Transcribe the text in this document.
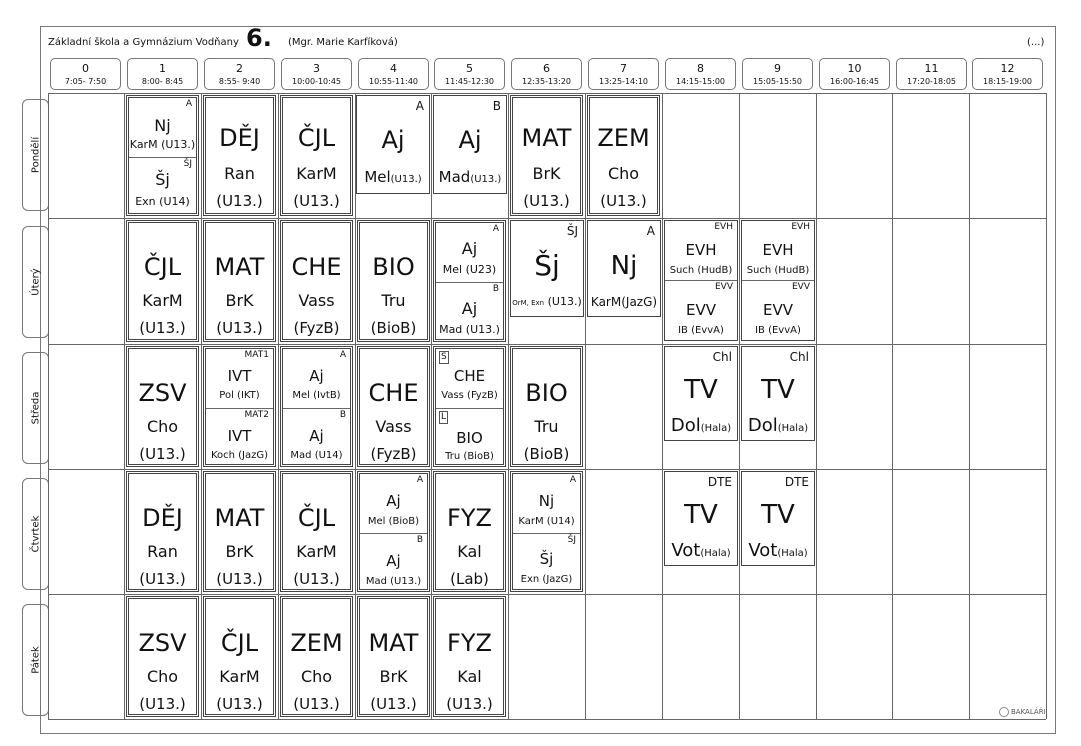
Základní škola a Gymnázium Vodňany 6. (Mgr. Marie Karfíková)	(...)
0
7:05- 7:50
1
8:00- 8:45
2
8:55- 9:40
3
10:00-10:45
4
10:55-11:40
5
11:45-12:30
6
12:35-13:20
7
13:25-14:10
8
14:15-15:00
9
15:05-15:50
10
16:00-16:45
11
17:20-18:05
12
18:15-19:00
Pondělí
Úterý
Středa
Čtvrtek
Pátek
A
Nj
KarM (U13.)
ŠJ
Šj
Exn (U14)
DĚJ
Ran
(U13.)
ČJL
KarM
(U13.)
A
Aj
Mel(U13.)
B
Aj
Mad(U13.)
MAT
BrK
(U13.)
ZEM
Cho
(U13.)
ČJL
KarM
(U13.)
MAT
BrK
(U13.)
CHE
Vass
(FyzB)
BIO
Tru
(BioB)
A
Aj
Mel (U23)
B
Aj
Mad (U13.)
ŠJ
Šj
OrM, Exn (U13.)
A
Nj
KarM(JazG)
EVH
EVH
Such (HudB)
EVV
EVV
IB (EvvA)
EVH
EVH
Such (HudB)
EVV
EVV
IB (EvvA)
ZSV
Cho
(U13.)
MAT1
IVT
Pol (IKT)
MAT2
IVT
Koch (JazG)
A
Aj
Mel (IvtB)
B
Aj
Mad (U14)
CHE
Vass
(FyzB)
S
CHE
Vass (FyzB)
L
BIO
Tru (BioB)
BIO
Tru
(BioB)
Chl
TV
Dol(Hala)
Chl
TV
Dol(Hala)
DĚJ
Ran
(U13.)
MAT
BrK
(U13.)
ČJL
KarM
(U13.)
A
Aj
Mel (BioB)
B
Aj
Mad (U13.)
FYZ
Kal
(Lab)
A
Nj
KarM (U14)
ŠJ
Šj
Exn (JazG)
DTE
TV
Vot(Hala)
DTE
TV
Vot(Hala)
ZSV
Cho
(U13.)
ČJL
KarM
(U13.)
ZEM
Cho
(U13.)
MAT
BrK
(U13.)
FYZ
Kal
(U13.)	BAKALÁŘI
